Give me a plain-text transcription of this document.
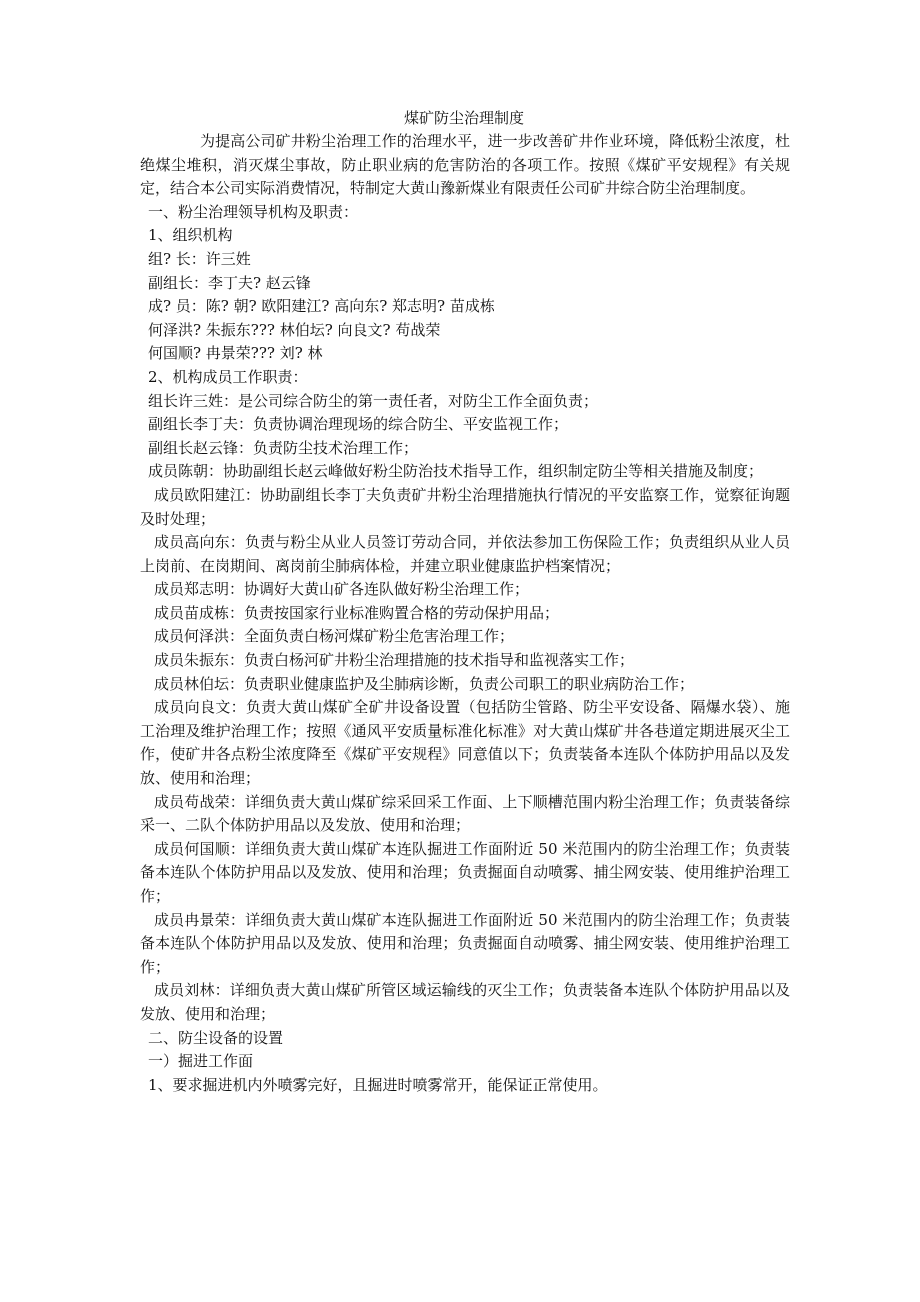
煤矿防尘治理制度

为提高公司矿井粉尘治理工作的治理水平，进一步改善矿井作业环境，降低粉尘浓度，杜绝煤尘堆积，消灭煤尘事故，防止职业病的危害防治的各项工作。按照《煤矿平安规程》有关规定，结合本公司实际消费情况，特制定大黄山豫新煤业有限责任公司矿井综合防尘治理制度。

一、粉尘治理领导机构及职责：

1、组织机构

组? 长：许三姓

副组长：李丁夫? 赵云锋

成? 员：陈? 朝? 欧阳建江? 高向东? 郑志明? 苗成栋

何泽洪? 朱振东??? 林伯坛? 向良文? 苟战荣

何国顺? 冉景荣??? 刘? 林

2、机构成员工作职责：

组长许三姓：是公司综合防尘的第一责任者，对防尘工作全面负责；

副组长李丁夫：负责协调治理现场的综合防尘、平安监视工作；

副组长赵云锋：负责防尘技术治理工作；

成员陈朝：协助副组长赵云峰做好粉尘防治技术指导工作，组织制定防尘等相关措施及制度；

成员欧阳建江：协助副组长李丁夫负责矿井粉尘治理措施执行情况的平安监察工作，觉察征询题及时处理；

成员高向东：负责与粉尘从业人员签订劳动合同，并依法参加工伤保险工作；负责组织从业人员上岗前、在岗期间、离岗前尘肺病体检，并建立职业健康监护档案情况；

成员郑志明：协调好大黄山矿各连队做好粉尘治理工作；

成员苗成栋：负责按国家行业标准购置合格的劳动保护用品；

成员何泽洪：全面负责白杨河煤矿粉尘危害治理工作；

成员朱振东：负责白杨河矿井粉尘治理措施的技术指导和监视落实工作；

成员林伯坛：负责职业健康监护及尘肺病诊断，负责公司职工的职业病防治工作；

成员向良文：负责大黄山煤矿全矿井设备设置（包括防尘管路、防尘平安设备、隔爆水袋）、施工治理及维护治理工作；按照《通风平安质量标准化标准》对大黄山煤矿井各巷道定期进展灭尘工作，使矿井各点粉尘浓度降至《煤矿平安规程》同意值以下；负责装备本连队个体防护用品以及发放、使用和治理；

成员苟战荣：详细负责大黄山煤矿综采回采工作面、上下顺槽范围内粉尘治理工作；负责装备综采一、二队个体防护用品以及发放、使用和治理；

成员何国顺：详细负责大黄山煤矿本连队掘进工作面附近 50 米范围内的防尘治理工作；负责装备本连队个体防护用品以及发放、使用和治理；负责掘面自动喷雾、捕尘网安装、使用维护治理工作；

成员冉景荣：详细负责大黄山煤矿本连队掘进工作面附近 50 米范围内的防尘治理工作；负责装备本连队个体防护用品以及发放、使用和治理；负责掘面自动喷雾、捕尘网安装、使用维护治理工作；

成员刘林：详细负责大黄山煤矿所管区域运输线的灭尘工作；负责装备本连队个体防护用品以及发放、使用和治理；

二、防尘设备的设置

一）掘进工作面

1、要求掘进机内外喷雾完好，且掘进时喷雾常开，能保证正常使用。
